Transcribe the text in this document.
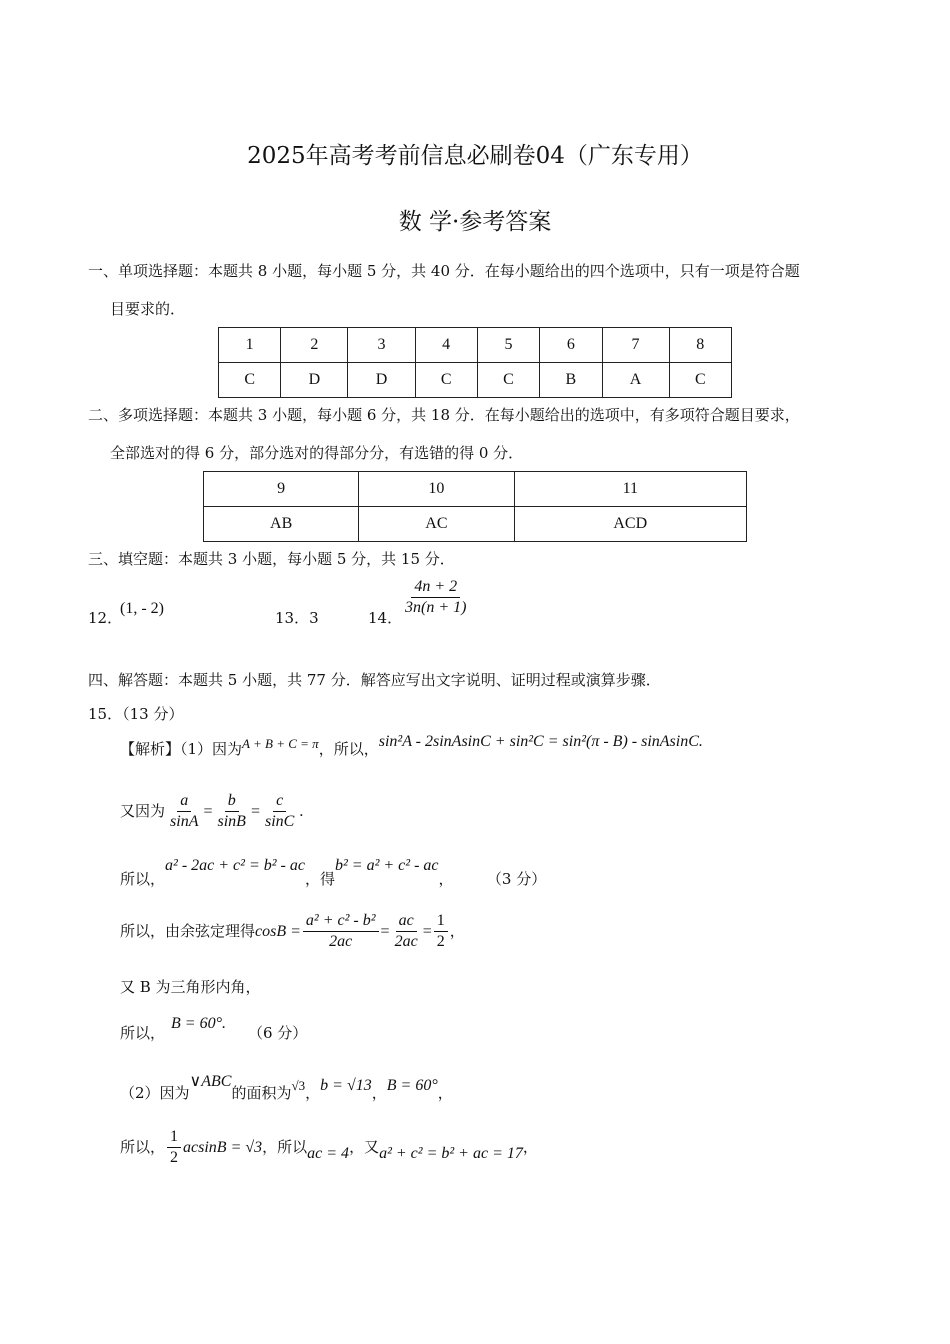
2025年高考考前信息必刷卷04（广东专用）
数 学·参考答案
一、单项选择题：本题共 8 小题，每小题 5 分，共 40 分．在每小题给出的四个选项中，只有一项是符合题
目要求的．
1	2	3	4	5	6	7	8
C	D	D	C	C	B	A	C
二、多项选择题：本题共 3 小题，每小题 6 分，共 18 分．在每小题给出的选项中，有多项符合题目要求，
全部选对的得 6 分，部分选对的得部分分，有选错的得 0 分．
9	10	11
AB	AC	ACD
三、填空题：本题共 3 小题，每小题 5 分，共 15 分．
12．
(1, - 2)
13．3	14．
$\frac{4n + 2}{3n(n + 1)}$
四、解答题：本题共 5 小题，共 77 分．解答应写出文字说明、证明过程或演算步骤．
15．（13 分）
【解析】（1）因为$^{A + B + C = \pi}$，所以，sin²A - 2sinAsinC + sin²C = sin²(π - B) - sinAsinC.
又因为 $\frac{a}{\sin A} = \frac{b}{\sin B} = \frac{c}{\sin C}$ .
所以，a² - 2ac + c² = b² - ac，得b² = a² + c² - ac，       （3 分）
所以，由余弦定理得$\cos B = \frac{\text{a² + c² - b²}}{2ac} = \frac{ac}{2ac} = \frac{1}{2}$ ，
又 B 为三角形内角，
所以，B = 60°.（6 分）
（2）因为∨ABC的面积为$^{√3}$，b = √13，B = 60°，
所以， $\frac{1}{2}$ acsinB = √3，所以ac = 4，又a² + c² = b² + ac = 17，
